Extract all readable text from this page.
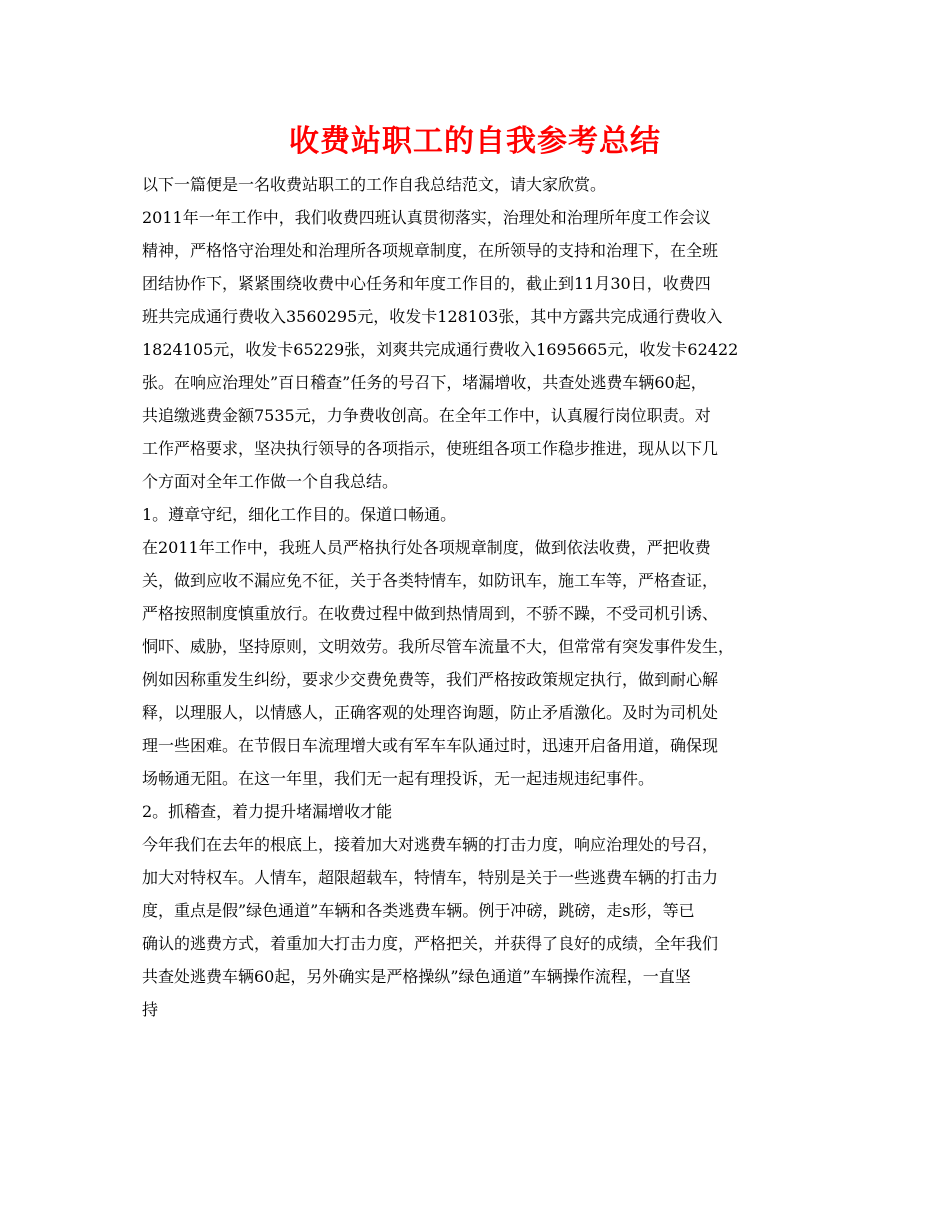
收费站职工的自我参考总结
以下一篇便是一名收费站职工的工作自我总结范文，请大家欣赏。
2011年一年工作中，我们收费四班认真贯彻落实，治理处和治理所年度工作会议
精神，严格恪守治理处和治理所各项规章制度，在所领导的支持和治理下，在全班
团结协作下，紧紧围绕收费中心任务和年度工作目的，截止到11月30日，收费四
班共完成通行费收入3560295元，收发卡128103张，其中方露共完成通行费收入
1824105元，收发卡65229张，刘爽共完成通行费收入1695665元，收发卡62422
张。在响应治理处”百日稽查”任务的号召下，堵漏增收，共查处逃费车辆60起，
共追缴逃费金额7535元，力争费收创高。在全年工作中，认真履行岗位职责。对
工作严格要求，坚决执行领导的各项指示，使班组各项工作稳步推进，现从以下几
个方面对全年工作做一个自我总结。
1。遵章守纪，细化工作目的。保道口畅通。
在2011年工作中，我班人员严格执行处各项规章制度，做到依法收费，严把收费
关，做到应收不漏应免不征，关于各类特情车，如防讯车，施工车等，严格查证，
严格按照制度慎重放行。在收费过程中做到热情周到，不骄不躁，不受司机引诱、
恫吓、威胁，坚持原则，文明效劳。我所尽管车流量不大，但常常有突发事件发生，
例如因称重发生纠纷，要求少交费免费等，我们严格按政策规定执行，做到耐心解
释，以理服人，以情感人，正确客观的处理咨询题，防止矛盾激化。及时为司机处
理一些困难。在节假日车流理增大或有军车车队通过时，迅速开启备用道，确保现
场畅通无阻。在这一年里，我们无一起有理投诉，无一起违规违纪事件。
2。抓稽查，着力提升堵漏增收才能
今年我们在去年的根底上，接着加大对逃费车辆的打击力度，响应治理处的号召，
加大对特权车。人情车，超限超载车，特情车，特别是关于一些逃费车辆的打击力
度，重点是假”绿色通道”车辆和各类逃费车辆。例于冲磅，跳磅，走s形，等已
确认的逃费方式，着重加大打击力度，严格把关，并获得了良好的成绩，全年我们
共查处逃费车辆60起，另外确实是严格操纵”绿色通道”车辆操作流程，一直坚
持
